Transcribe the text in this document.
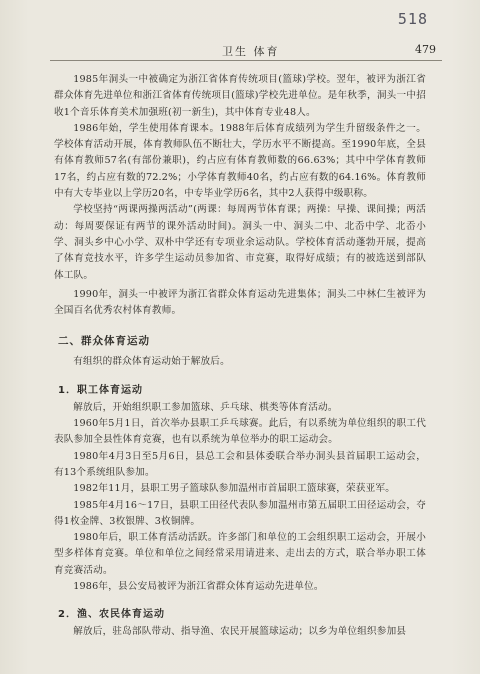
518
卫生 体育	479

1985年洞头一中被确定为浙江省体育传统项目(篮球)学校。翌年，被评为浙江省群众体育先进单位和浙江省体育传统项目(篮球)学校先进单位。是年秋季，洞头一中招收1个音乐体育美术加强班(初一新生)，其中体育专业48人。

1986年始，学生使用体育课本。1988年后体育成绩列为学生升留级条件之一。学校体育活动开展，体育教师队伍不断壮大，学历水平不断提高。至1990年底，全县有体育教师57名(有部份兼职)，约占应有体育教师数的66.63%；其中中学体育教师17名，约占应有数的72.2%；小学体育教师40名，约占应有数的64.16%。体育教师中有大专毕业以上学历20名，中专毕业学历6名，其中2人获得中级职称。

学校坚持“两课两操两活动”(两课：每周两节体育课；两操：早操、课间操；两活动：每周要保证有两节的课外活动时间)。洞头一中、洞头二中、北岙中学、北岙小学、洞头乡中心小学、双朴中学还有专项业余运动队。学校体育活动蓬勃开展，提高了体育竞技水平，许多学生运动员参加省、市竞赛，取得好成绩；有的被选送到部队体工队。

1990年，洞头一中被评为浙江省群众体育运动先进集体；洞头二中林仁生被评为全国百名优秀农村体育教师。

二、群众体育运动

有组织的群众体育运动始于解放后。

1．职工体育运动

解放后，开始组织职工参加篮球、乒乓球、棋类等体育活动。

1960年5月1日，首次举办县职工乒乓球赛。此后，有以系统为单位组织的职工代表队参加全县性体育竞赛，也有以系统为单位举办的职工运动会。

1980年4月3日至5月6日，县总工会和县体委联合举办洞头县首届职工运动会，有13个系统组队参加。

1982年11月，县职工男子篮球队参加温州市首届职工篮球赛，荣获亚军。

1985年4月16～17日，县职工田径代表队参加温州市第五届职工田径运动会，夺得1枚金牌、3枚银牌、3枚铜牌。

1980年后，职工体育活动活跃。许多部门和单位的工会组织职工运动会，开展小型多样体育竞赛。单位和单位之间经常采用请进来、走出去的方式，联合举办职工体育竞赛活动。

1986年，县公安局被评为浙江省群众体育运动先进单位。

2．渔、农民体育运动

解放后，驻岛部队带动、指导渔、农民开展篮球运动；以乡为单位组织参加县
